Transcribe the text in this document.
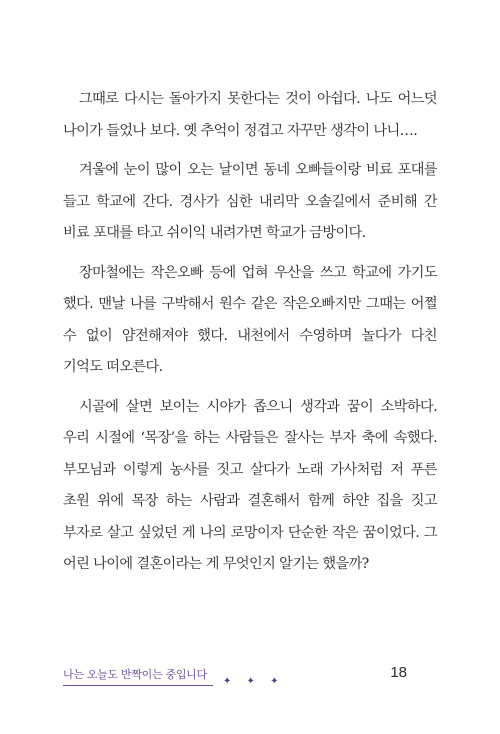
그때로 다시는 돌아가지 못한다는 것이 아쉽다. 나도 어느덧 나이가 들었나 보다. 옛 추억이 정겹고 자꾸만 생각이 나니….

겨울에 눈이 많이 오는 날이면 동네 오빠들이랑 비료 포대를 들고 학교에 간다. 경사가 심한 내리막 오솔길에서 준비해 간 비료 포대를 타고 쉬이익 내려가면 학교가 금방이다.

장마철에는 작은오빠 등에 업혀 우산을 쓰고 학교에 가기도 했다. 맨날 나를 구박해서 원수 같은 작은오빠지만 그때는 어쩔 수 없이 얌전해져야 했다. 내천에서 수영하며 놀다가 다친 기억도 떠오른다.

시골에 살면 보이는 시야가 좁으니 생각과 꿈이 소박하다. 우리 시절에 ‘목장’을 하는 사람들은 잘사는 부자 축에 속했다. 부모님과 이렇게 농사를 짓고 살다가 노래 가사처럼 저 푸른 초원 위에 목장 하는 사람과 결혼해서 함께 하얀 집을 짓고 부자로 살고 싶었던 게 나의 로망이자 단순한 작은 꿈이었다. 그 어린 나이에 결혼이라는 게 무엇인지 알기는 했을까?

나는 오늘도 반짝이는 중입니다
✦ ✦ ✦
18
